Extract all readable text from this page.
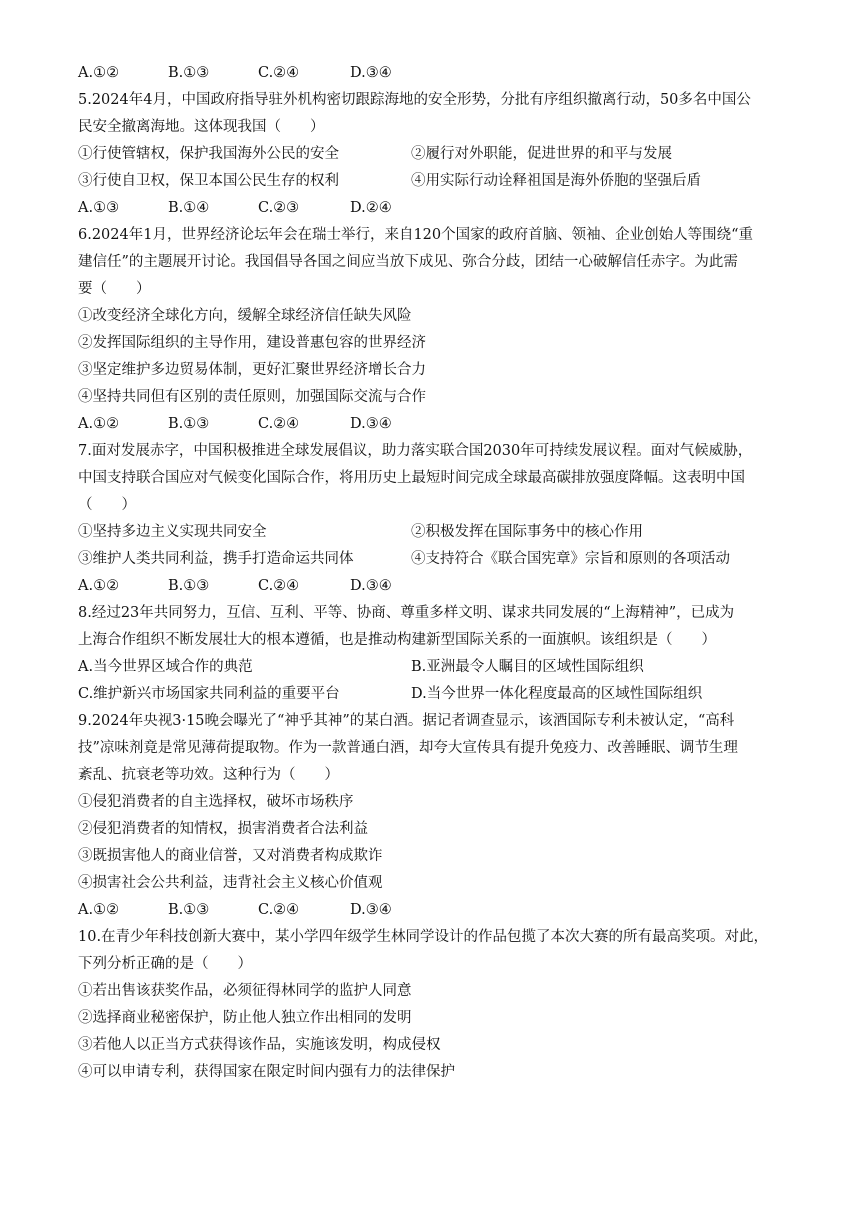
A.①②	B.①③	C.②④	D.③④
5.2024年4月，中国政府指导驻外机构密切跟踪海地的安全形势，分批有序组织撤离行动，50多名中国公
民安全撤离海地。这体现我国（　　）
①行使管辖权，保护我国海外公民的安全	②履行对外职能，促进世界的和平与发展
③行使自卫权，保卫本国公民生存的权利	④用实际行动诠释祖国是海外侨胞的坚强后盾
A.①③	B.①④	C.②③	D.②④
6.2024年1月，世界经济论坛年会在瑞士举行，来自120个国家的政府首脑、领袖、企业创始人等围绕“重
建信任”的主题展开讨论。我国倡导各国之间应当放下成见、弥合分歧，团结一心破解信任赤字。为此需
要（　　）
①改变经济全球化方向，缓解全球经济信任缺失风险
②发挥国际组织的主导作用，建设普惠包容的世界经济
③坚定维护多边贸易体制，更好汇聚世界经济增长合力
④坚持共同但有区别的责任原则，加强国际交流与合作
A.①②	B.①③	C.②④	D.③④
7.面对发展赤字，中国积极推进全球发展倡议，助力落实联合国2030年可持续发展议程。面对气候威胁，
中国支持联合国应对气候变化国际合作，将用历史上最短时间完成全球最高碳排放强度降幅。这表明中国
（　　）
①坚持多边主义实现共同安全	②积极发挥在国际事务中的核心作用
③维护人类共同利益，携手打造命运共同体	④支持符合《联合国宪章》宗旨和原则的各项活动
A.①②	B.①③	C.②④	D.③④
8.经过23年共同努力，互信、互利、平等、协商、尊重多样文明、谋求共同发展的“上海精神”，已成为
上海合作组织不断发展壮大的根本遵循，也是推动构建新型国际关系的一面旗帜。该组织是（　　）
A.当今世界区域合作的典范	B.亚洲最令人瞩目的区域性国际组织
C.维护新兴市场国家共同利益的重要平台	D.当今世界一体化程度最高的区域性国际组织
9.2024年央视3·15晚会曝光了“神乎其神”的某白酒。据记者调查显示，该酒国际专利未被认定，“高科
技”凉味剂竟是常见薄荷提取物。作为一款普通白酒，却夸大宣传具有提升免疫力、改善睡眠、调节生理
紊乱、抗衰老等功效。这种行为（　　）
①侵犯消费者的自主选择权，破坏市场秩序
②侵犯消费者的知情权，损害消费者合法利益
③既损害他人的商业信誉，又对消费者构成欺诈
④损害社会公共利益，违背社会主义核心价值观
A.①②	B.①③	C.②④	D.③④
10.在青少年科技创新大赛中，某小学四年级学生林同学设计的作品包揽了本次大赛的所有最高奖项。对此，
下列分析正确的是（　　）
①若出售该获奖作品，必须征得林同学的监护人同意
②选择商业秘密保护，防止他人独立作出相同的发明
③若他人以正当方式获得该作品，实施该发明，构成侵权
④可以申请专利，获得国家在限定时间内强有力的法律保护
